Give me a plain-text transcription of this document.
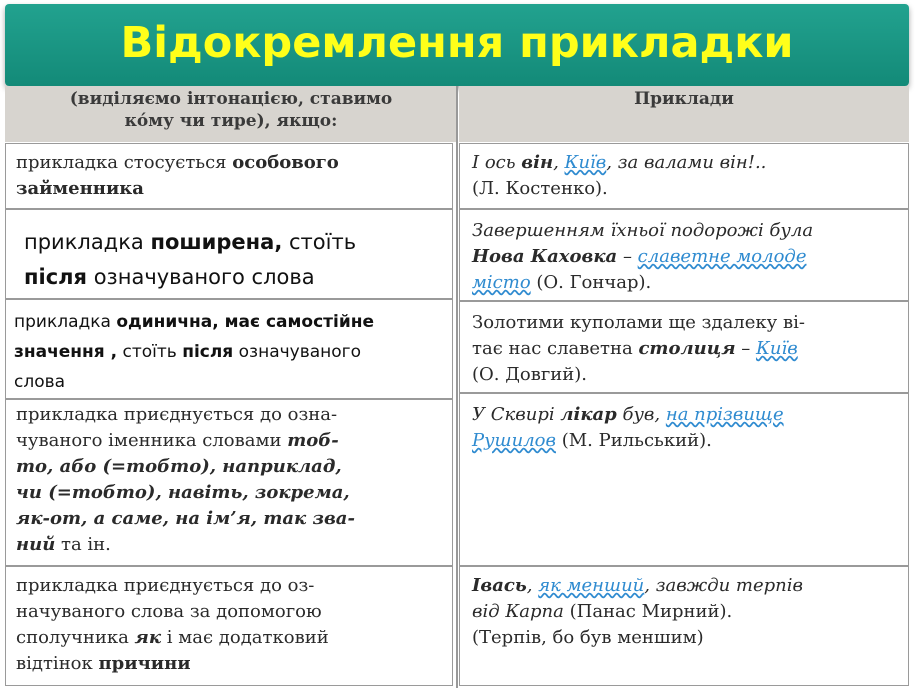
Відокремлення прикладки
(виділяємо інтонацією, ставимо
ко́му чи тире), якщо:
Приклади
прикладка стосується особового
займенника
І ось він, Київ, за валами він!..
(Л. Костенко).
прикладка поширена, стоїть
після означуваного слова
Завершенням їхньої подорожі була
Нова Каховка – славетне молоде
місто (О. Гончар).
прикладка одинична, має самостійне
значення , стоїть після означуваного
слова
Золотими куполами ще здалеку ві-
тає нас славетна столиця – Київ
(О. Довгий).
прикладка приєднується до озна-
чуваного іменника словами тоб-
то, або (=тобто), наприклад,
чи (=тобто), навіть, зокрема,
як-от, а саме, на ім’я, так зва-
ний та ін.
У Сквирі лікар був, на прізвище
Рушилов (М. Рильський).
прикладка приєднується до оз-
начуваного слова за допомогою
сполучника як і має додатковий
відтінок причини
Івась, як менший, завжди терпів
від Карпа (Панас Мирний).
(Терпів, бо був меншим)
